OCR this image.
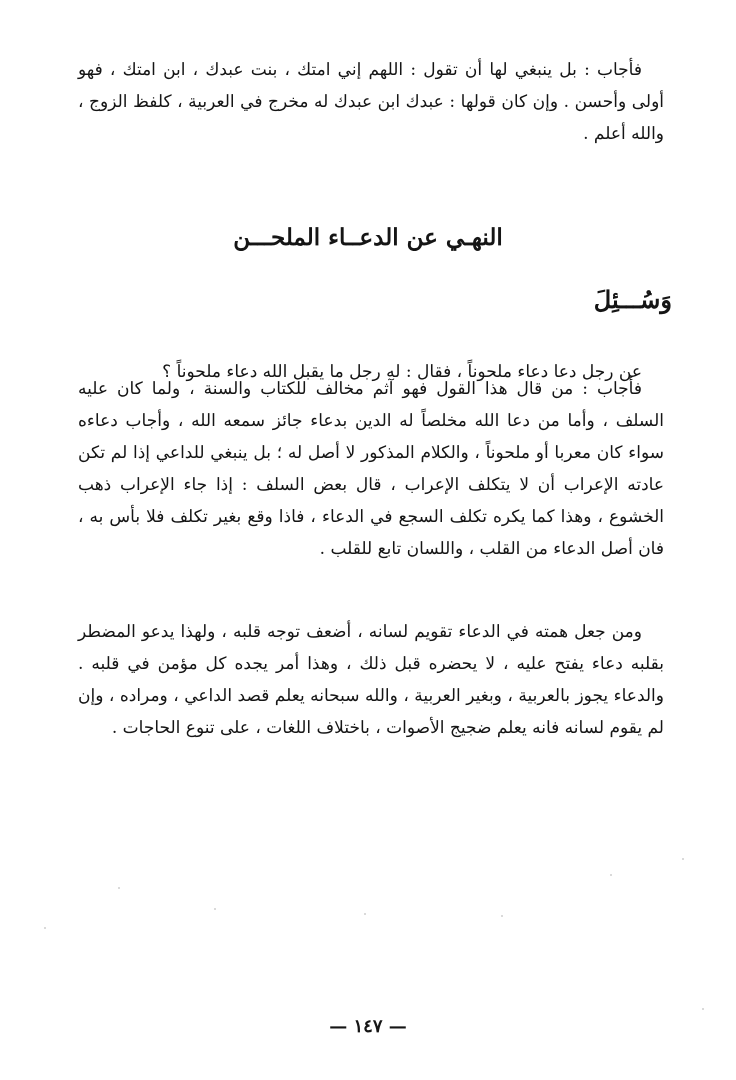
فأجاب : بل ينبغي لها أن تقول : اللهم إني امتك ، بنت عبدك ، ابن امتك ، فهو أولى وأحسن . وإن كان قولها : عبدك ابن عبدك له مخرج في العربية ، كلفظ الزوج ، والله أعلم .

النهـي عن الدعــاء الملحـــن
وَسُـــئِلَ

عن رجل دعا دعاء ملحوناً ، فقال : له رجل ما يقبل الله دعاء ملحوناً ؟

فأجاب : من قال هذا القول فهو آثم مخالف للكتاب والسنة ، ولما كان عليه السلف ، وأما من دعا الله مخلصاً له الدين بدعاء جائز سمعه الله ، وأجاب دعاءه سواء كان معربا أو ملحوناً ، والكلام المذكور لا أصل له ؛ بل ينبغي للداعي إذا لم تكن عادته الإعراب أن لا يتكلف الإعراب ، قال بعض السلف : إذا جاء الإعراب ذهب الخشوع ، وهذا كما يكره تكلف السجع في الدعاء ، فاذا وقع بغير تكلف فلا بأس به ، فان أصل الدعاء من القلب ، واللسان تابع للقلب .

ومن جعل همته في الدعاء تقويم لسانه ، أضعف توجه قلبه ، ولهذا يدعو المضطر بقلبه دعاء يفتح عليه ، لا يحضره قبل ذلك ، وهذا أمر يجده كل مؤمن في قلبه . والدعاء يجوز بالعربية ، وبغير العربية ، والله سبحانه يعلم قصد الداعي ، ومراده ، وإن لم يقوم لسانه فانه يعلم ضجيج الأصوات ، باختلاف اللغات ، على تنوع الحاجات .

— ١٤٧ —
